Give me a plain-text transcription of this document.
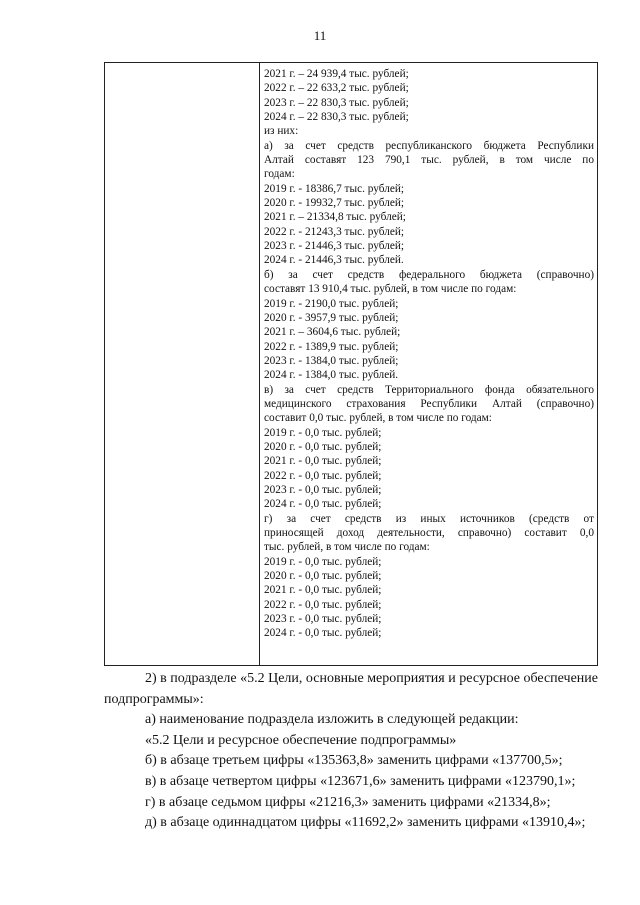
11
2021 г. – 24 939,4 тыс. рублей;
2022 г. – 22 633,2 тыс. рублей;
2023 г. – 22 830,3 тыс. рублей;
2024 г. – 22 830,3 тыс. рублей;
из них:
а) за счет средств республиканского бюджета Республики
Алтай составят 123 790,1 тыс. рублей, в том числе по
годам:
2019 г. - 18386,7 тыс. рублей;
2020 г. - 19932,7 тыс. рублей;
2021 г. – 21334,8 тыс. рублей;
2022 г. - 21243,3 тыс. рублей;
2023 г. - 21446,3 тыс. рублей;
2024 г. - 21446,3 тыс. рублей.
б) за счет средств федерального бюджета (справочно)
составят 13 910,4 тыс. рублей, в том числе по годам:
2019 г. - 2190,0 тыс. рублей;
2020 г. - 3957,9 тыс. рублей;
2021 г. – 3604,6 тыс. рублей;
2022 г. - 1389,9 тыс. рублей;
2023 г. - 1384,0 тыс. рублей;
2024 г. - 1384,0 тыс. рублей.
в) за счет средств Территориального фонда обязательного
медицинского страхования Республики Алтай (справочно)
составит 0,0 тыс. рублей, в том числе по годам:
2019 г. - 0,0 тыс. рублей;
2020 г. - 0,0 тыс. рублей;
2021 г. - 0,0 тыс. рублей;
2022 г. - 0,0 тыс. рублей;
2023 г. - 0,0 тыс. рублей;
2024 г. - 0,0 тыс. рублей;
г) за счет средств из иных источников (средств от
приносящей доход деятельности, справочно) составит 0,0
тыс. рублей, в том числе по годам:
2019 г. - 0,0 тыс. рублей;
2020 г. - 0,0 тыс. рублей;
2021 г. - 0,0 тыс. рублей;
2022 г. - 0,0 тыс. рублей;
2023 г. - 0,0 тыс. рублей;
2024 г. - 0,0 тыс. рублей;
2) в подразделе «5.2 Цели, основные мероприятия и ресурсное обеспечение подпрограммы»:
а) наименование подраздела изложить в следующей редакции:
«5.2 Цели и ресурсное обеспечение подпрограммы»
б) в абзаце третьем цифры «135363,8» заменить цифрами «137700,5»;
в) в абзаце четвертом цифры «123671,6» заменить цифрами «123790,1»;
г) в абзаце седьмом цифры «21216,3» заменить цифрами «21334,8»;
д) в абзаце одиннадцатом цифры «11692,2» заменить цифрами «13910,4»;
